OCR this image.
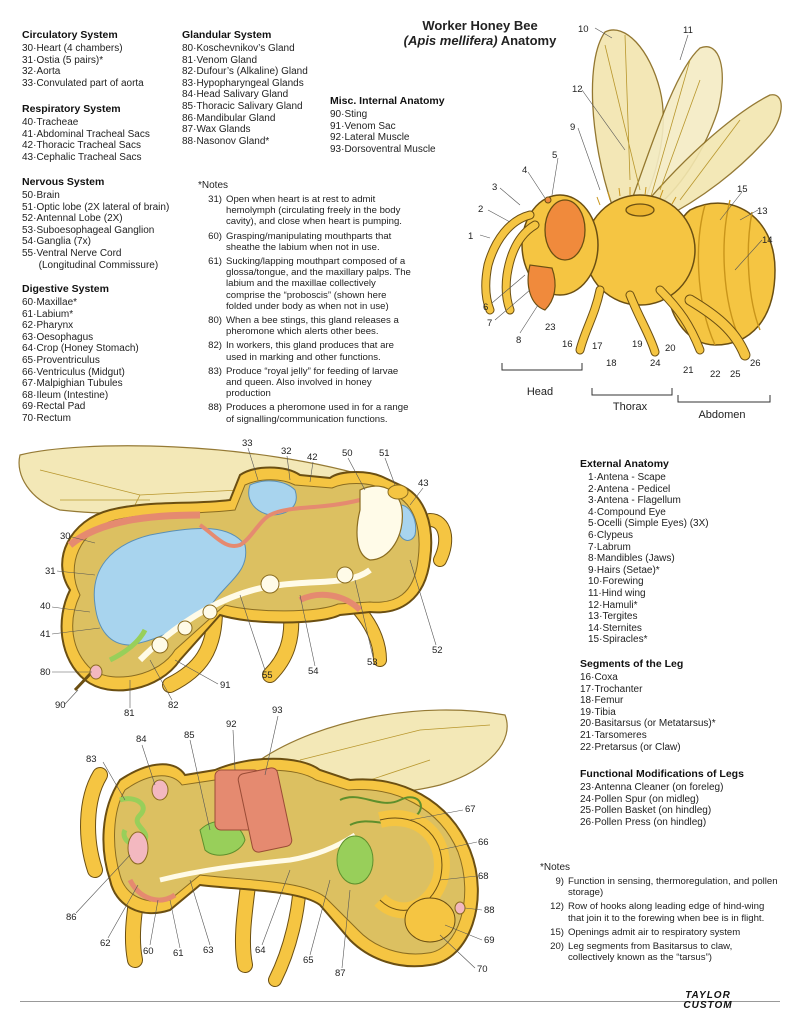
Circulatory System
30·Heart (4 chambers)
31·Ostia (5 pairs)*
32·Aorta
33·Convulated part of aorta
Respiratory System
40·Tracheae
41·Abdominal Tracheal Sacs
42·Thoracic Tracheal Sacs
43·Cephalic Tracheal Sacs
Nervous System
50·Brain
51·Optic lobe (2X lateral of brain)
52·Antennal Lobe (2X)
53·Suboesophageal Ganglion
54·Ganglia (7x)
55·Ventral Nerve Cord
(Longitudinal Commissure)
Digestive System
60·Maxillae*
61·Labium*
62·Pharynx
63·Oesophagus
64·Crop (Honey Stomach)
65·Proventriculus
66·Ventriculus (Midgut)
67·Malpighian Tubules
68·Ileum (Intestine)
69·Rectal Pad
70·Rectum
Glandular System
80·Koschevnikov’s Gland
81·Venom Gland
82·Dufour’s (Alkaline) Gland
83·Hypopharyngeal Glands
84·Head Salivary Gland
85·Thoracic Salivary Gland
86·Mandibular Gland
87·Wax Glands
88·Nasonov Gland*
Misc. Internal Anatomy
90·Sting
91·Venom Sac
92·Lateral Muscle
93·Dorsoventral Muscle
*Notes
31) Open when heart is at rest to admit hemolymph (circulating freely in the body cavity), and close when heart is pumping.
60) Grasping/manipulating mouthparts that sheathe the labium when not in use.
61) Sucking/lapping mouthpart composed of a glossa/tongue, and the maxillary palps. The labium and the maxillae collectively comprise the “proboscis” (shown here folded under body as when not in use)
80) When a bee stings, this gland releases a pheromone which alerts other bees.
82) In workers, this gland produces that are used in marking and other functions.
83) Produce “royal jelly” for feeding of larvae and queen. Also involved in honey production
88) Produces a pheromone used in for a range of signalling/communication functions.
Worker Honey Bee
(Apis mellifera) Anatomy
Head
Thorax
Abdomen
1
2
3
4
5
6
7
8
9
10	11
12
13
14
15
16 17
18
19 20
21 22
23
24
25
26
External Anatomy
1·Antena - Scape
2·Antena - Pedicel
3·Antena - Flagellum
4·Compound Eye
5·Ocelli (Simple Eyes) (3X)
6·Clypeus
7·Labrum
8·Mandibles (Jaws)
9·Hairs (Setae)*
10·Forewing
11·Hind wing
12·Hamuli*
13·Tergites
14·Sternites
15·Spiracles*
Segments of the Leg
16·Coxa
17·Trochanter
18·Femur
19·Tibia
20·Basitarsus (or Metatarsus)*
21·Tarsomeres
22·Pretarsus (or Claw)
Functional Modifications of Legs
23·Antenna Cleaner (on foreleg)
24·Pollen Spur (on midleg)
25·Pollen Basket (on hindleg)
26·Pollen Press (on hindleg)
*Notes
9) Function in sensing, thermoregulation, and pollen storage)
12) Row of hooks along leading edge of hind-wing that join it to the forewing when bee is in flight.
15) Openings admit air to respiratory system
20) Leg segments from Basitarsus to claw, collectively known as the “tarsus”)
33
32
42	50	51
43
30
31
40
41
80
90
81
82
91
55	54
53
52
84	85
92
93
83
67
66
68
88
69
70
86
62
60 61 63	64
65
87
TAYLOR
CUSTOM
